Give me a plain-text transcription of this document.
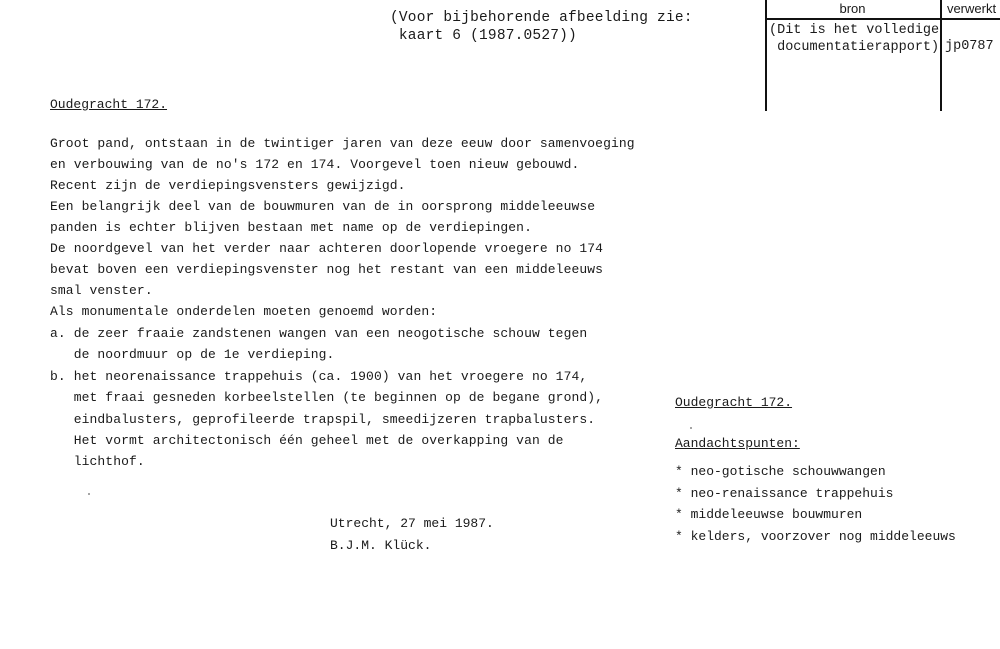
(Voor bijbehorende afbeelding zie:
kaart 6 (1987.0527))
bron	verwerkt
(Dit is het volledige
documentatierapport) jp0787
Oudegracht 172.
Groot pand, ontstaan in de twintiger jaren van deze eeuw door samenvoeging
en verbouwing van de no's 172 en 174. Voorgevel toen nieuw gebouwd.
Recent zijn de verdiepingsvensters gewijzigd.
Een belangrijk deel van de bouwmuren van de in oorsprong middeleeuwse
panden is echter blijven bestaan met name op de verdiepingen.
De noordgevel van het verder naar achteren doorlopende vroegere no 174
bevat boven een verdiepingsvenster nog het restant van een middeleeuws
smal venster.
Als monumentale onderdelen moeten genoemd worden:
a. de zeer fraaie zandstenen wangen van een neogotische schouw tegen
de noordmuur op de 1e verdieping.
b. het neorenaissance trappehuis (ca. 1900) van het vroegere no 174,
met fraai gesneden korbeelstellen (te beginnen op de begane grond),
eindbalusters, geprofileerde trapspil, smeedijzeren trapbalusters.
Het vormt architectonisch één geheel met de overkapping van de
lichthof.
Utrecht, 27 mei 1987.
B.J.M. Klück.
Oudegracht 172.
Aandachtspunten:
* neo-gotische schouwwangen
* neo-renaissance trappehuis
* middeleeuwse bouwmuren
* kelders, voorzover nog middeleeuws
